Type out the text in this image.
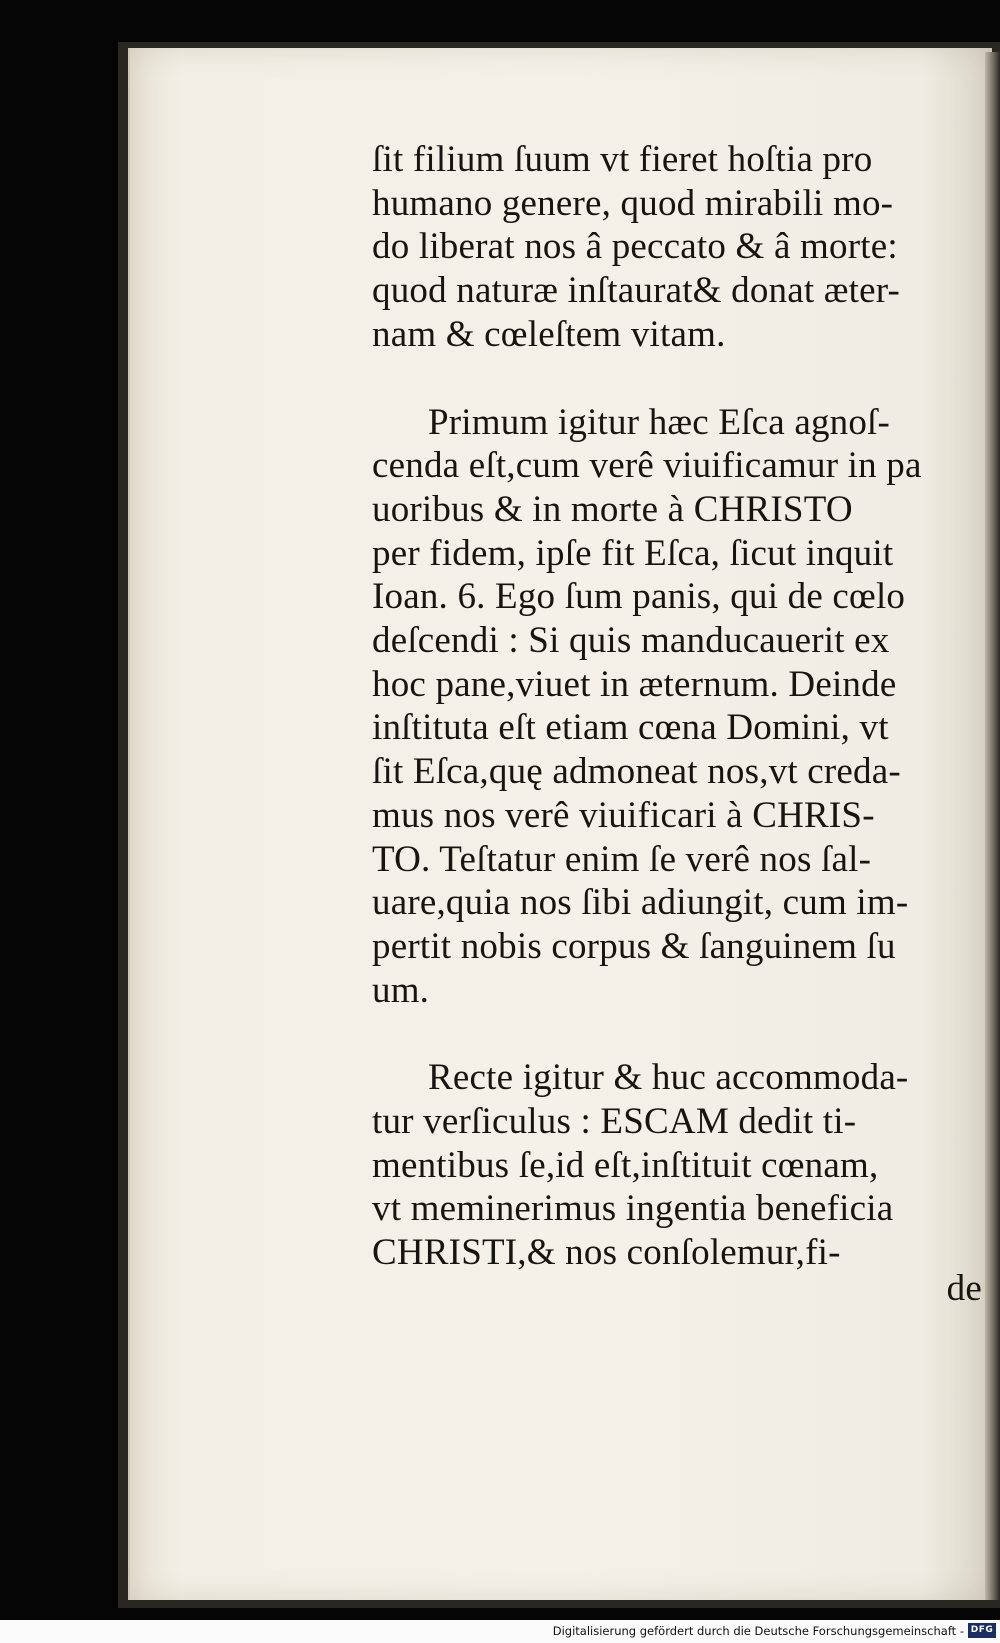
ſit filium ſuum vt fieret hoſtia pro
humano genere, quod mirabili mo-
do liberat nos â peccato & â morte:
quod naturæ inſtaurat& donat æter-
nam & cœleſtem vitam.

Primum igitur hæc Eſca agnoſ-
cenda eſt,cum verê viuificamur in pa
uoribus & in morte à CHRISTO
per fidem, ipſe fit Eſca, ſicut inquit
Ioan. 6. Ego ſum panis, qui de cœlo
deſcendi : Si quis manducauerit ex
hoc pane,viuet in æternum. Deinde
inſtituta eſt etiam cœna Domini, vt
ſit Eſca,quę admoneat nos,vt creda-
mus nos verê viuificari à CHRIS-
TO. Teſtatur enim ſe verê nos ſal-
uare,quia nos ſibi adiungit, cum im-
pertit nobis corpus & ſanguinem ſu
um.

Recte igitur & huc accommoda-
tur verſiculus : ESCAM dedit ti-
mentibus ſe,id eſt,inſtituit cœnam,
vt meminerimus ingentia beneficia
CHRISTI,& nos conſolemur,fi-

de
Digitalisierung gefördert durch die Deutsche Forschungsgemeinschaft - DFG
